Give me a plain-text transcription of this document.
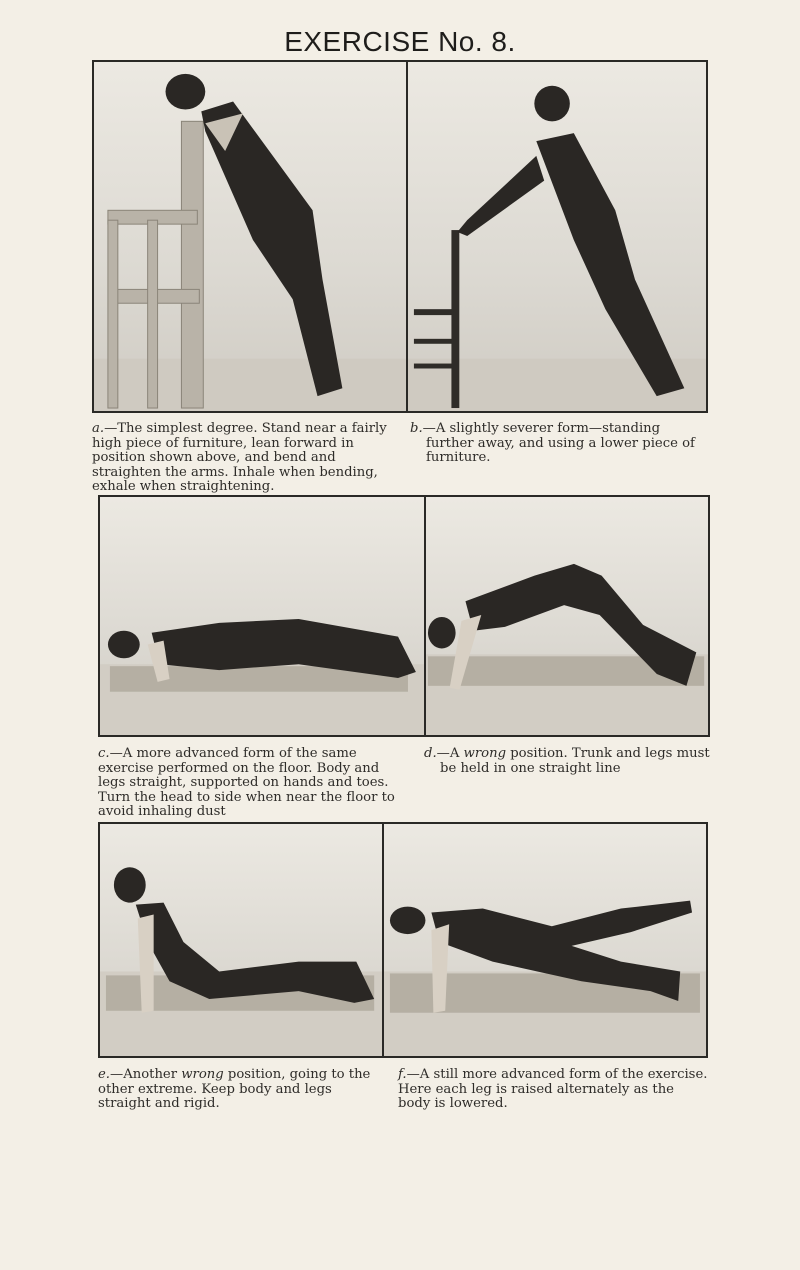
EXERCISE No. 8.
a.—The simplest degree. Stand near a fairly high piece of furniture, lean forward in position shown above, and bend and straighten the arms. Inhale when bending, exhale when straightening.
b.—A slightly severer form—standing further away, and using a lower piece of furniture.
c.—A more advanced form of the same exercise performed on the floor. Body and legs straight, supported on hands and toes. Turn the head to side when near the floor to avoid inhaling dust
d.—A wrong position. Trunk and legs must be held in one straight line
e.—Another wrong position, going to the other extreme. Keep body and legs straight and rigid.
f.—A still more advanced form of the exercise. Here each leg is raised alternately as the body is lowered.
